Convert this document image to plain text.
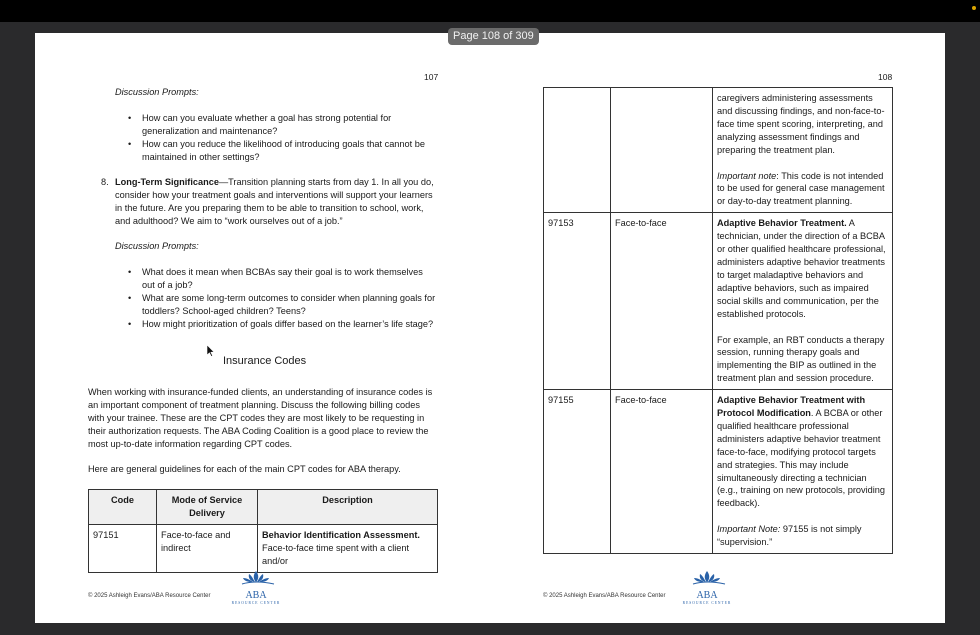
107
Discussion Prompts:
• How can you evaluate whether a goal has strong potential for generalization and maintenance?
• How can you reduce the likelihood of introducing goals that cannot be maintained in other settings?
8. Long-Term Significance—Transition planning starts from day 1. In all you do, consider how your treatment goals and interventions will support your learners in the future. Are you preparing them to be able to transition to school, work, and adulthood? We aim to “work ourselves out of a job.”
Discussion Prompts:
• What does it mean when BCBAs say their goal is to work themselves out of a job?
• What are some long-term outcomes to consider when planning goals for toddlers? School-aged children? Teens?
• How might prioritization of goals differ based on the learner’s life stage?
Insurance Codes
When working with insurance-funded clients, an understanding of insurance codes is an important component of treatment planning. Discuss the following billing codes with your trainee. These are the CPT codes they are most likely to be requesting in their authorization requests. The ABA Coding Coalition is a good place to review the most up-to-date information regarding CPT codes.
Here are general guidelines for each of the main CPT codes for ABA therapy.
Code	Mode of Service Delivery	Description
97151	Face-to-face and indirect	Behavior Identification Assessment.
Face-to-face time spent with a client and/or
© 2025 Ashleigh Evans/ABA Resource Center	ABA
RESOURCE CENTER
108

		caregivers administering assessments and discussing findings, and non-face-to-face time spent scoring, interpreting, and analyzing assessment findings and preparing the treatment plan.
Important note: This code is not intended to be used for general case management or day-to-day treatment planning.

97153	Face-to-face	Adaptive Behavior Treatment. A technician, under the direction of a BCBA or other qualified healthcare professional, administers adaptive behavior treatments to target maladaptive behaviors and adaptive behaviors, such as impaired social skills and communication, per the established protocols.
For example, an RBT conducts a therapy session, running therapy goals and implementing the BIP as outlined in the treatment plan and session procedure.

97155	Face-to-face	Adaptive Behavior Treatment with Protocol Modification. A BCBA or other qualified healthcare professional administers adaptive behavior treatment face-to-face, modifying protocol targets and strategies. This may include simultaneously directing a technician (e.g., training on new protocols, providing feedback).
Important Note: 97155 is not simply “supervision.”
© 2025 Ashleigh Evans/ABA Resource Center	ABA
RESOURCE CENTER
Page 108 of 309
